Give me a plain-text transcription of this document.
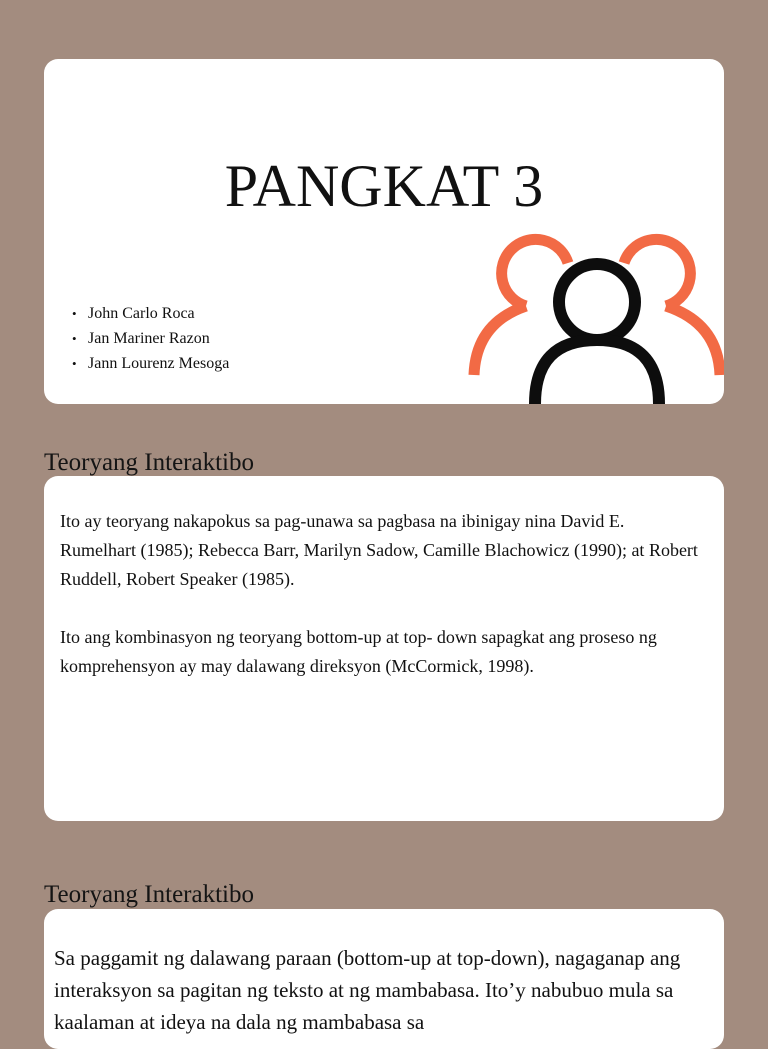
PANGKAT 3
• John Carlo Roca
• Jan Mariner Razon
• Jann Lourenz Mesoga
Teoryang Interaktibo

Ito ay teoryang nakapokus sa pag-unawa sa pagbasa na ibinigay nina David E. Rumelhart (1985); Rebecca Barr, Marilyn Sadow, Camille Blachowicz (1990); at Robert Ruddell, Robert Speaker (1985).

Ito ang kombinasyon ng teoryang bottom-up at top- down sapagkat ang proseso ng komprehensyon ay may dalawang direksyon (McCormick, 1998).

Teoryang Interaktibo

Sa paggamit ng dalawang paraan (bottom-up at top-down), nagaganap ang interaksyon sa pagitan ng teksto at ng mambabasa. Ito’y nabubuo mula sa kaalaman at ideya na dala ng mambabasa sa
